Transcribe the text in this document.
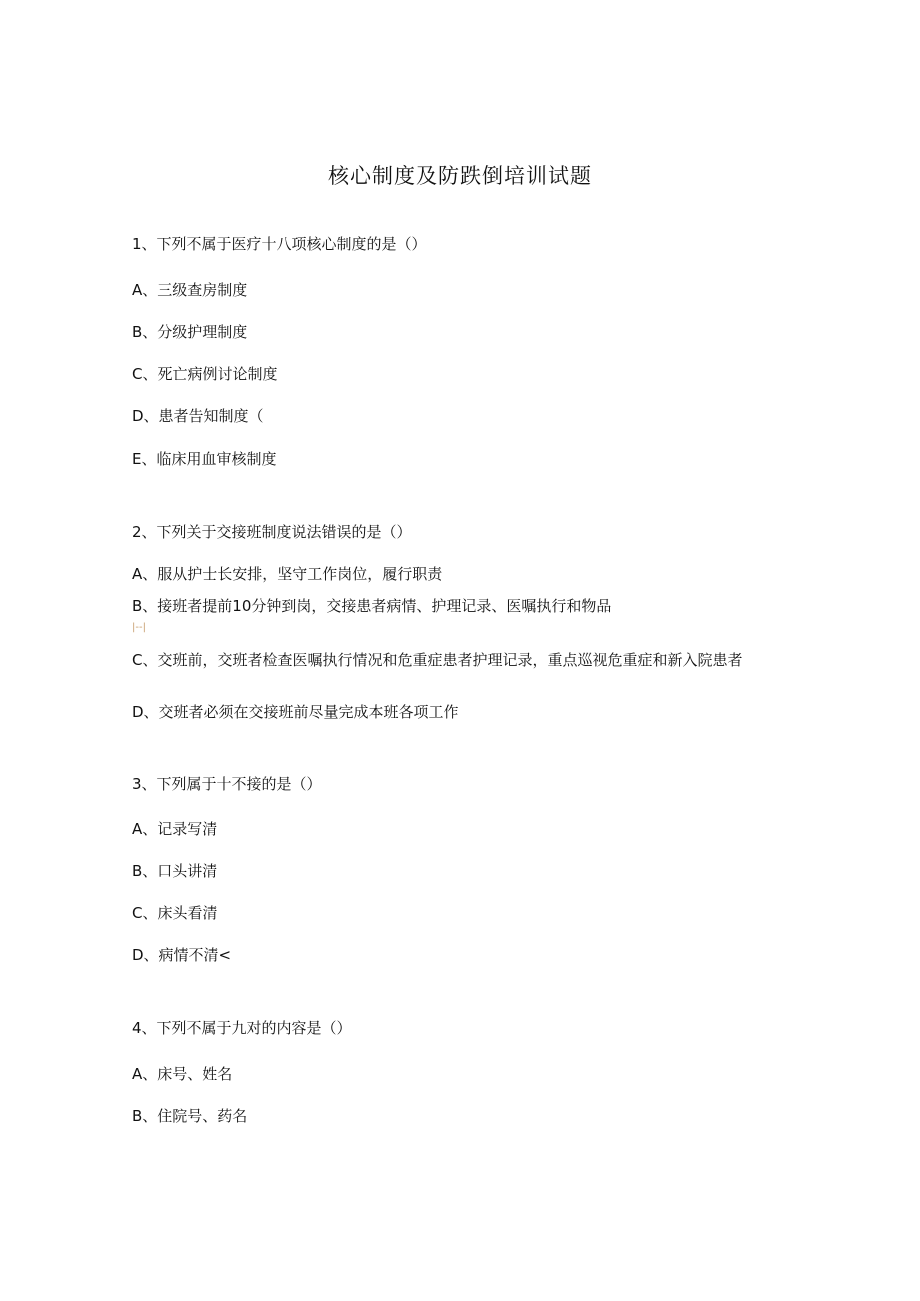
核心制度及防跌倒培训试题
1、下列不属于医疗十八项核心制度的是（）
A、三级查房制度
B、分级护理制度
C、死亡病例讨论制度
D、患者告知制度（
E、临床用血审核制度
2、下列关于交接班制度说法错误的是（）
A、服从护士长安排，坚守工作岗位，履行职责
B、接班者提前10分钟到岗，交接患者病情、护理记录、医嘱执行和物品
|--|
C、交班前，交班者检查医嘱执行情况和危重症患者护理记录，重点巡视危重症和新入院患者
D、交班者必须在交接班前尽量完成本班各项工作
3、下列属于十不接的是（）
A、记录写清
B、口头讲清
C、床头看清
D、病情不清<
4、下列不属于九对的内容是（）
A、床号、姓名
B、住院号、药名
